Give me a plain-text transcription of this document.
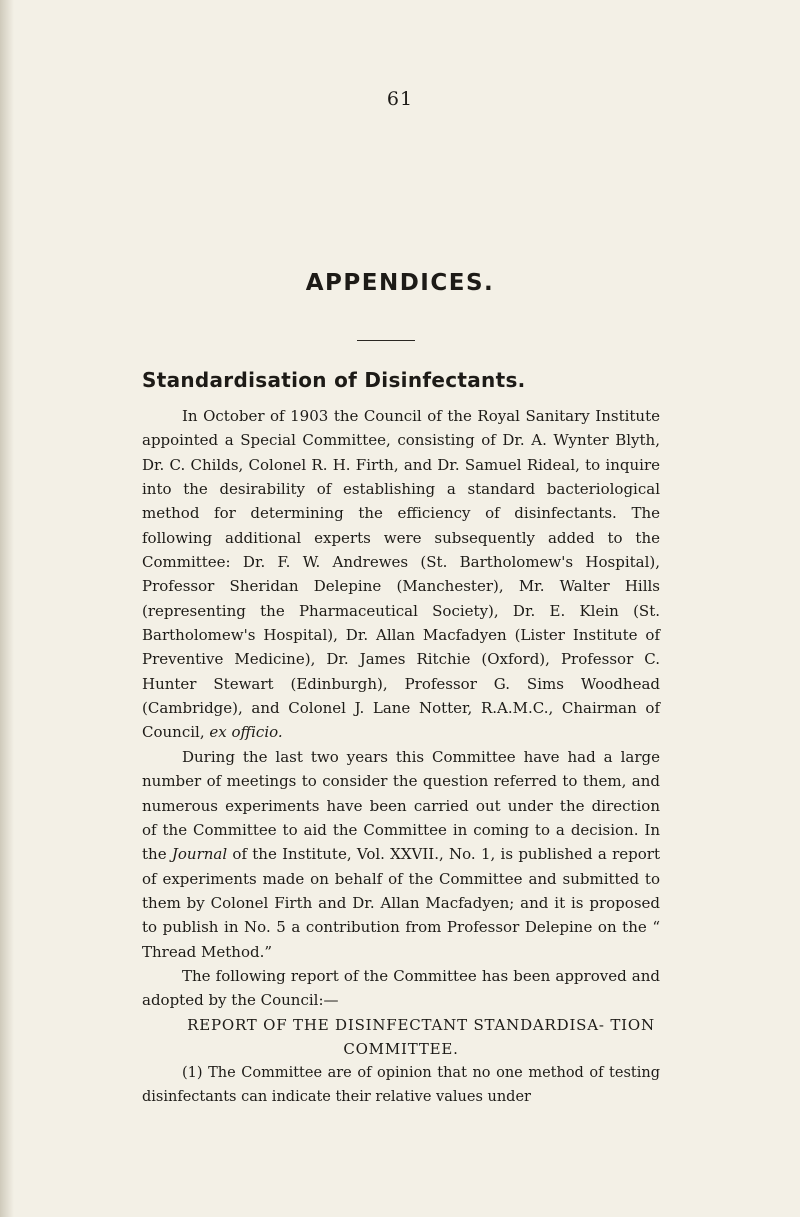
61
APPENDICES.
Standardisation of Disinfectants.

In October of 1903 the Council of the Royal Sanitary Institute appointed a Special Committee, consisting of Dr. A. Wynter Blyth, Dr. C. Childs, Colonel R. H. Firth, and Dr. Samuel Rideal, to inquire into the desirability of establishing a standard bacteriological method for determining the efficiency of disinfectants. The following additional experts were subsequently added to the Committee: Dr. F. W. Andrewes (St. Bartholomew's Hospital), Professor Sheridan Delepine (Manchester), Mr. Walter Hills (representing the Pharmaceutical Society), Dr. E. Klein (St. Bartholomew's Hospital), Dr. Allan Macfadyen (Lister Institute of Preventive Medicine), Dr. James Ritchie (Oxford), Professor C. Hunter Stewart (Edinburgh), Professor G. Sims Woodhead (Cambridge), and Colonel J. Lane Notter, R.A.M.C., Chairman of Council, ex officio.

During the last two years this Committee have had a large number of meetings to consider the question referred to them, and numerous experiments have been carried out under the direction of the Committee to aid the Committee in coming to a decision. In the Journal of the Institute, Vol. XXVII., No. 1, is published a report of experiments made on behalf of the Committee and submitted to them by Colonel Firth and Dr. Allan Macfadyen; and it is proposed to publish in No. 5 a contribution from Professor Delepine on the “ Thread Method.”

The following report of the Committee has been approved and adopted by the Council:—

REPORT OF THE DISINFECTANT STANDARDISA- TION COMMITTEE.

(1) The Committee are of opinion that no one method of testing disinfectants can indicate their relative values under
